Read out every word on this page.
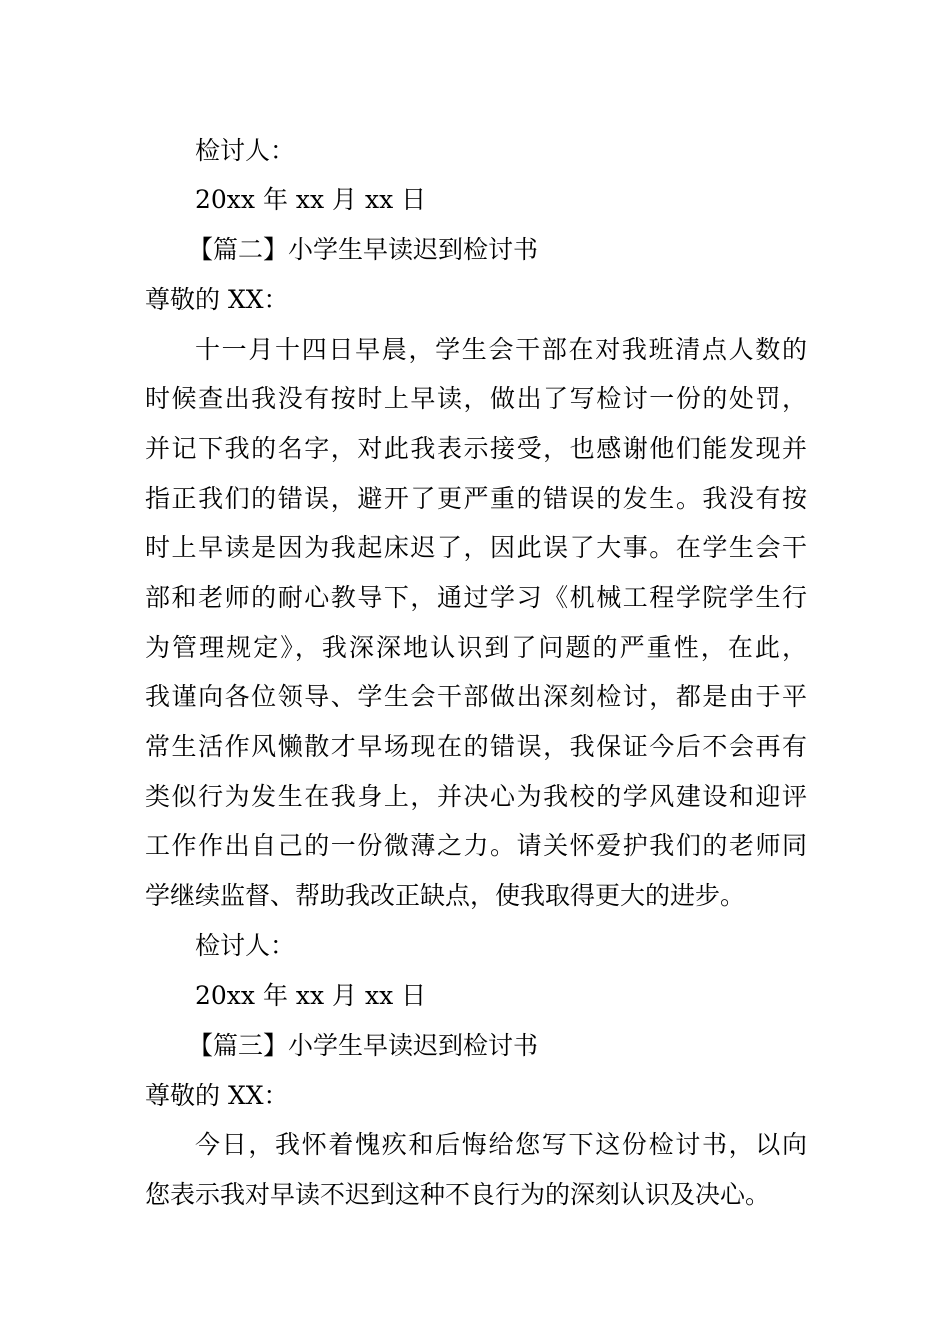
检讨人：
20xx 年 xx 月 xx 日
【篇二】小学生早读迟到检讨书
尊敬的 XX：
十一月十四日早晨，学生会干部在对我班清点人数的
时候查出我没有按时上早读，做出了写检讨一份的处罚，
并记下我的名字，对此我表示接受，也感谢他们能发现并
指正我们的错误，避开了更严重的错误的发生。我没有按
时上早读是因为我起床迟了，因此误了大事。在学生会干
部和老师的耐心教导下，通过学习《机械工程学院学生行
为管理规定》，我深深地认识到了问题的严重性，在此，
我谨向各位领导、学生会干部做出深刻检讨，都是由于平
常生活作风懒散才早场现在的错误，我保证今后不会再有
类似行为发生在我身上，并决心为我校的学风建设和迎评
工作作出自己的一份微薄之力。请关怀爱护我们的老师同
学继续监督、帮助我改正缺点，使我取得更大的进步。
检讨人：
20xx 年 xx 月 xx 日
【篇三】小学生早读迟到检讨书
尊敬的 XX：
今日，我怀着愧疚和后悔给您写下这份检讨书，以向
您表示我对早读不迟到这种不良行为的深刻认识及决心。
